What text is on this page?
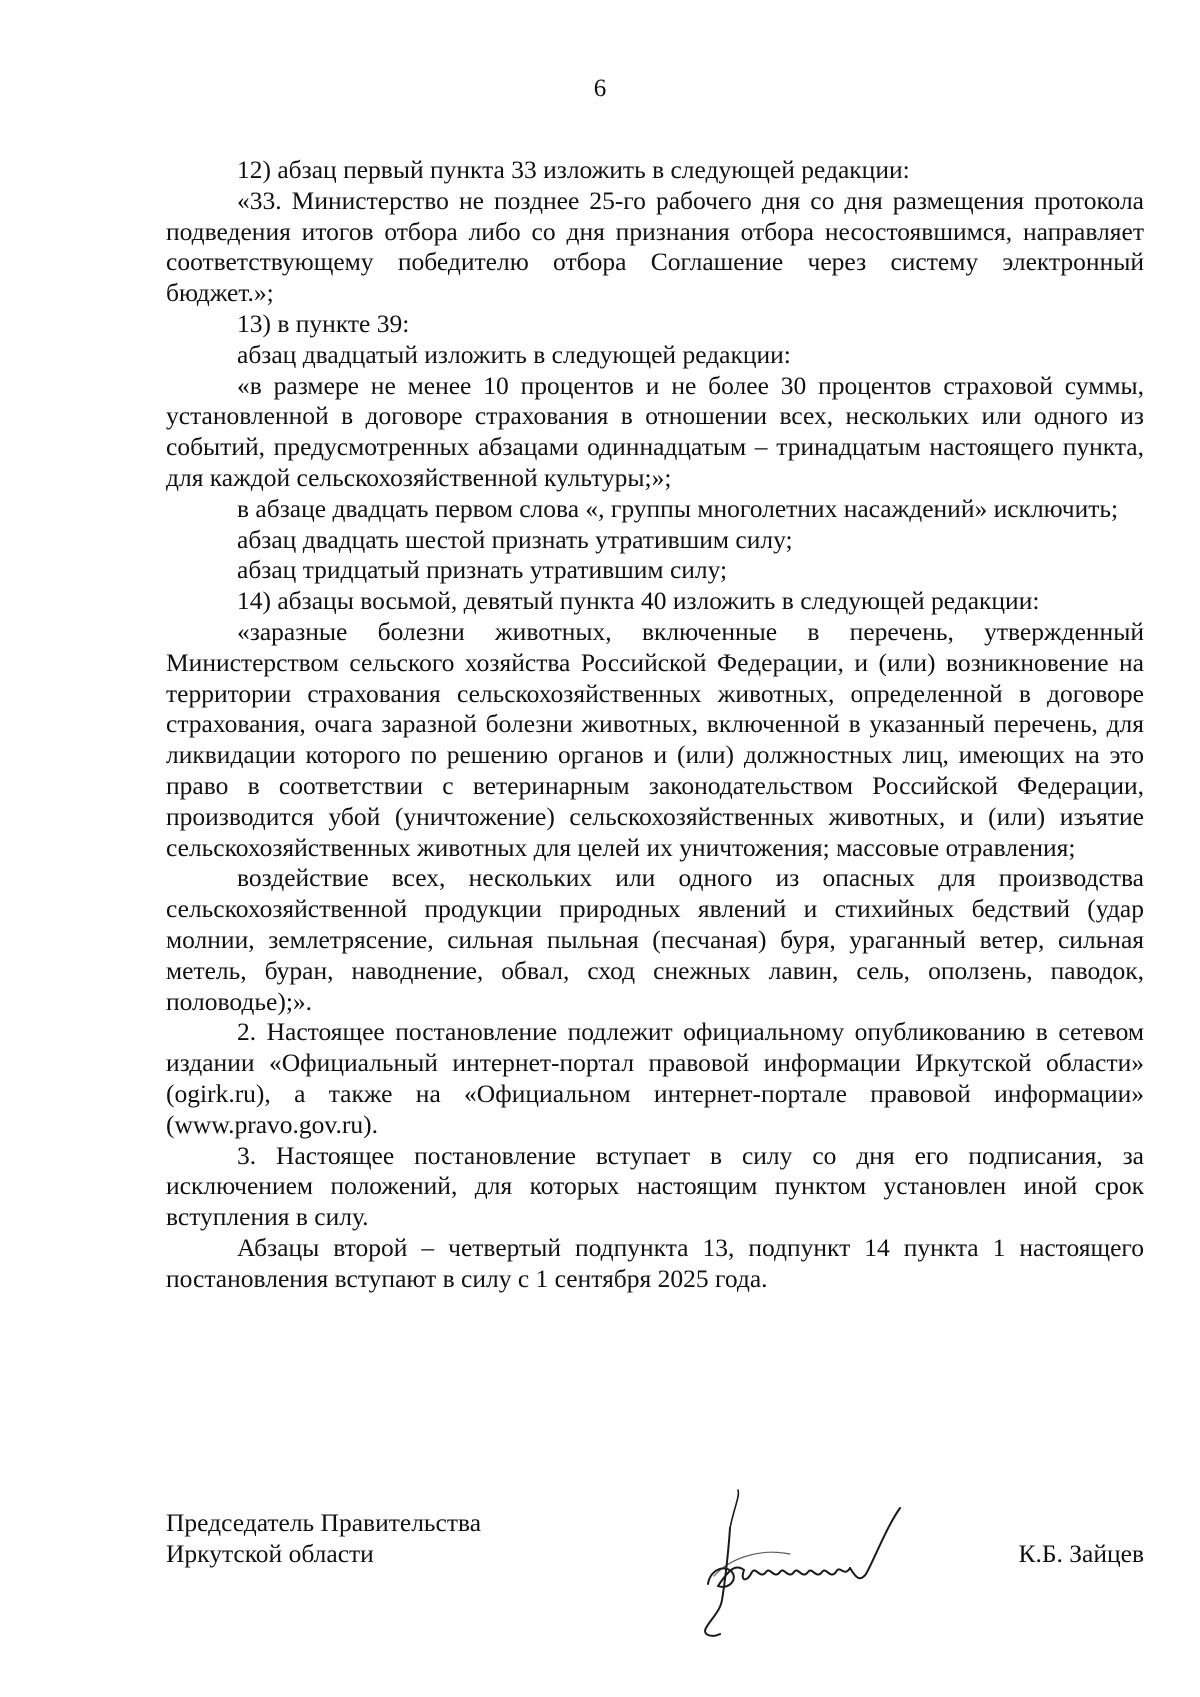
6

12) абзац первый пункта 33 изложить в следующей редакции:

«33. Министерство не позднее 25-го рабочего дня со дня размещения протокола подведения итогов отбора либо со дня признания отбора несостоявшимся, направляет соответствующему победителю отбора Соглашение через систему электронный бюджет.»;

13) в пункте 39:

абзац двадцатый изложить в следующей редакции:

«в размере не менее 10 процентов и не более 30 процентов страховой суммы, установленной в договоре страхования в отношении всех, нескольких или одного из событий, предусмотренных абзацами одиннадцатым – тринадцатым настоящего пункта, для каждой сельскохозяйственной культуры;»;

в абзаце двадцать первом слова «, группы многолетних насаждений» исключить;

абзац двадцать шестой признать утратившим силу;

абзац тридцатый признать утратившим силу;

14) абзацы восьмой, девятый пункта 40 изложить в следующей редакции:

«заразные болезни животных, включенные в перечень, утвержденный Министерством сельского хозяйства Российской Федерации, и (или) возникновение на территории страхования сельскохозяйственных животных, определенной в договоре страхования, очага заразной болезни животных, включенной в указанный перечень, для ликвидации которого по решению органов и (или) должностных лиц, имеющих на это право в соответствии с ветеринарным законодательством Российской Федерации, производится убой (уничтожение) сельскохозяйственных животных, и (или) изъятие сельскохозяйственных животных для целей их уничтожения; массовые отравления;

воздействие всех, нескольких или одного из опасных для производства сельскохозяйственной продукции природных явлений и стихийных бедствий (удар молнии, землетрясение, сильная пыльная (песчаная) буря, ураганный ветер, сильная метель, буран, наводнение, обвал, сход снежных лавин, сель, оползень, паводок, половодье);».

2. Настоящее постановление подлежит официальному опубликованию в сетевом издании «Официальный интернет-портал правовой информации Иркутской области» (ogirk.ru), а также на «Официальном интернет-портале правовой информации» (www.pravo.gov.ru).

3. Настоящее постановление вступает в силу со дня его подписания, за исключением положений, для которых настоящим пунктом установлен иной срок вступления в силу.

Абзацы второй – четвертый подпункта 13, подпункт 14 пункта 1 настоящего постановления вступают в силу с 1 сентября 2025 года.

Председатель Правительства
Иркутской области	К.Б. Зайцев
